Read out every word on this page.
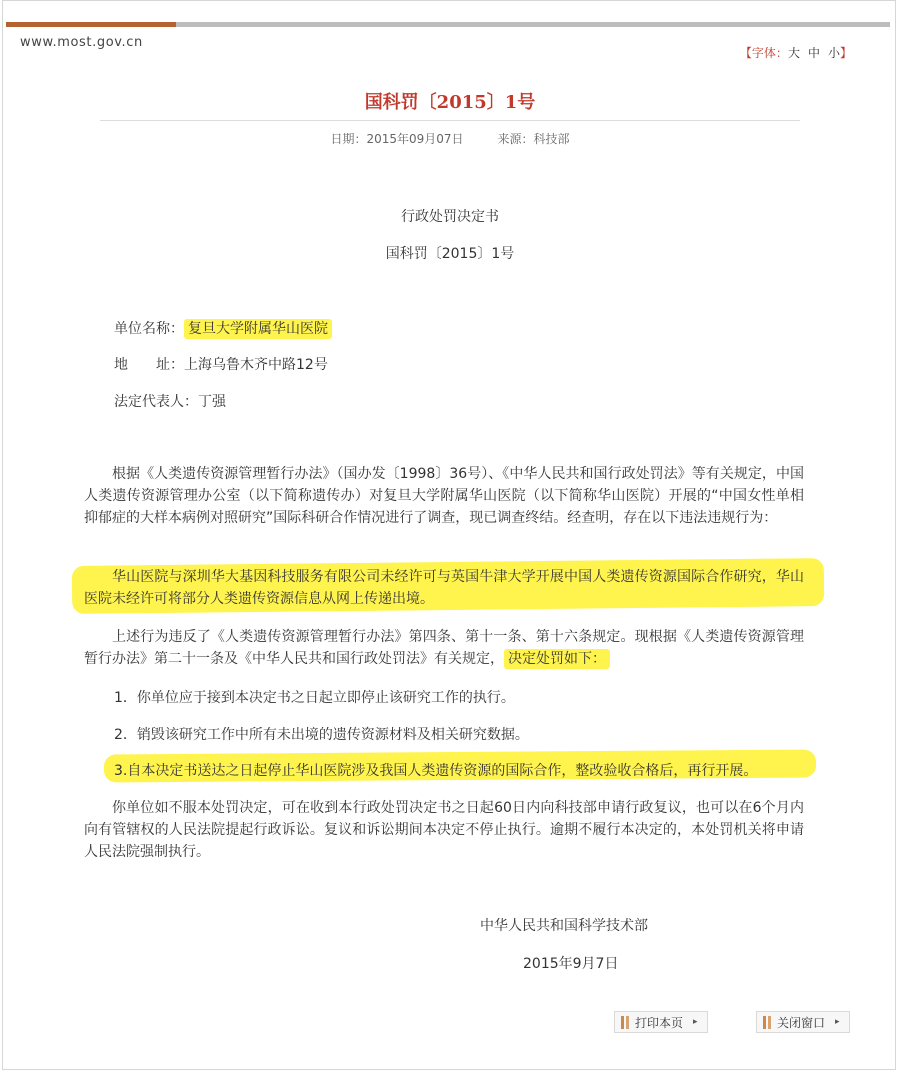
www.most.gov.cn
【字体：大 中 小】
国科罚〔2015〕1号
日期：2015年09月07日	来源：科技部
行政处罚决定书
国科罚〔2015〕1号
单位名称： 复旦大学附属华山医院
地　　址：上海乌鲁木齐中路12号
法定代表人：丁强
根据《人类遗传资源管理暂行办法》（国办发〔1998〕36号）、《中华人民共和国行政处罚法》等有关规定，中国人类遗传资源管理办公室（以下简称遗传办）对复旦大学附属华山医院（以下简称华山医院）开展的“中国女性单相抑郁症的大样本病例对照研究”国际科研合作情况进行了调查，现已调查终结。经查明，存在以下违法违规行为：
华山医院与深圳华大基因科技服务有限公司未经许可与英国牛津大学开展中国人类遗传资源国际合作研究，华山医院未经许可将部分人类遗传资源信息从网上传递出境。
上述行为违反了《人类遗传资源管理暂行办法》第四条、第十一条、第十六条规定。现根据《人类遗传资源管理暂行办法》第二十一条及《中华人民共和国行政处罚法》有关规定， 决定处罚如下：
1．你单位应于接到本决定书之日起立即停止该研究工作的执行。
2．销毁该研究工作中所有未出境的遗传资源材料及相关研究数据。
3.自本决定书送达之日起停止华山医院涉及我国人类遗传资源的国际合作，整改验收合格后，再行开展。
你单位如不服本处罚决定，可在收到本行政处罚决定书之日起60日内向科技部申请行政复议，也可以在6个月内向有管辖权的人民法院提起行政诉讼。复议和诉讼期间本决定不停止执行。逾期不履行本决定的，本处罚机关将申请人民法院强制执行。
中华人民共和国科学技术部
2015年9月7日
打印本页 ▸	关闭窗口 ▸
